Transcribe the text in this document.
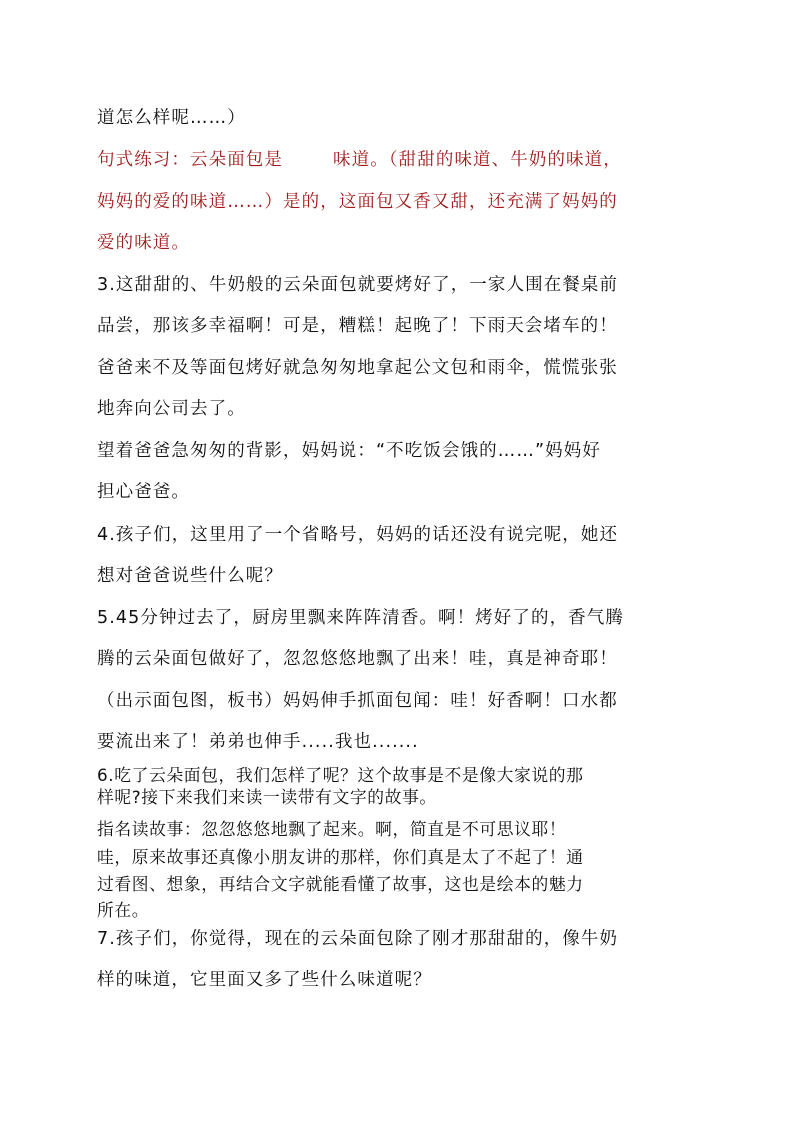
道怎么样呢……）

句式练习：云朵面包是	味道。（甜甜的味道、牛奶的味道，

妈妈的爱的味道……）是的，这面包又香又甜，还充满了妈妈的

爱的味道。

3.这甜甜的、牛奶般的云朵面包就要烤好了，一家人围在餐桌前

品尝，那该多幸福啊！可是，糟糕！起晚了！下雨天会堵车的！

爸爸来不及等面包烤好就急匆匆地拿起公文包和雨伞，慌慌张张

地奔向公司去了。

望着爸爸急匆匆的背影，妈妈说：“不吃饭会饿的……”妈妈好

担心爸爸。

4.孩子们，这里用了一个省略号，妈妈的话还没有说完呢，她还

想对爸爸说些什么呢？

5.45分钟过去了，厨房里飘来阵阵清香。啊！烤好了的，香气腾

腾的云朵面包做好了，忽忽悠悠地飘了出来！哇，真是神奇耶！

（出示面包图，板书）妈妈伸手抓面包闻：哇！好香啊！口水都

要流出来了！弟弟也伸手.....我也.......

6.吃了云朵面包，我们怎样了呢？这个故事是不是像大家说的那

样呢?接下来我们来读一读带有文字的故事。

指名读故事：忽忽悠悠地飘了起来。啊，简直是不可思议耶！

哇，原来故事还真像小朋友讲的那样，你们真是太了不起了！通

过看图、想象，再结合文字就能看懂了故事，这也是绘本的魅力

所在。

7.孩子们，你觉得，现在的云朵面包除了刚才那甜甜的，像牛奶

样的味道，它里面又多了些什么味道呢？
